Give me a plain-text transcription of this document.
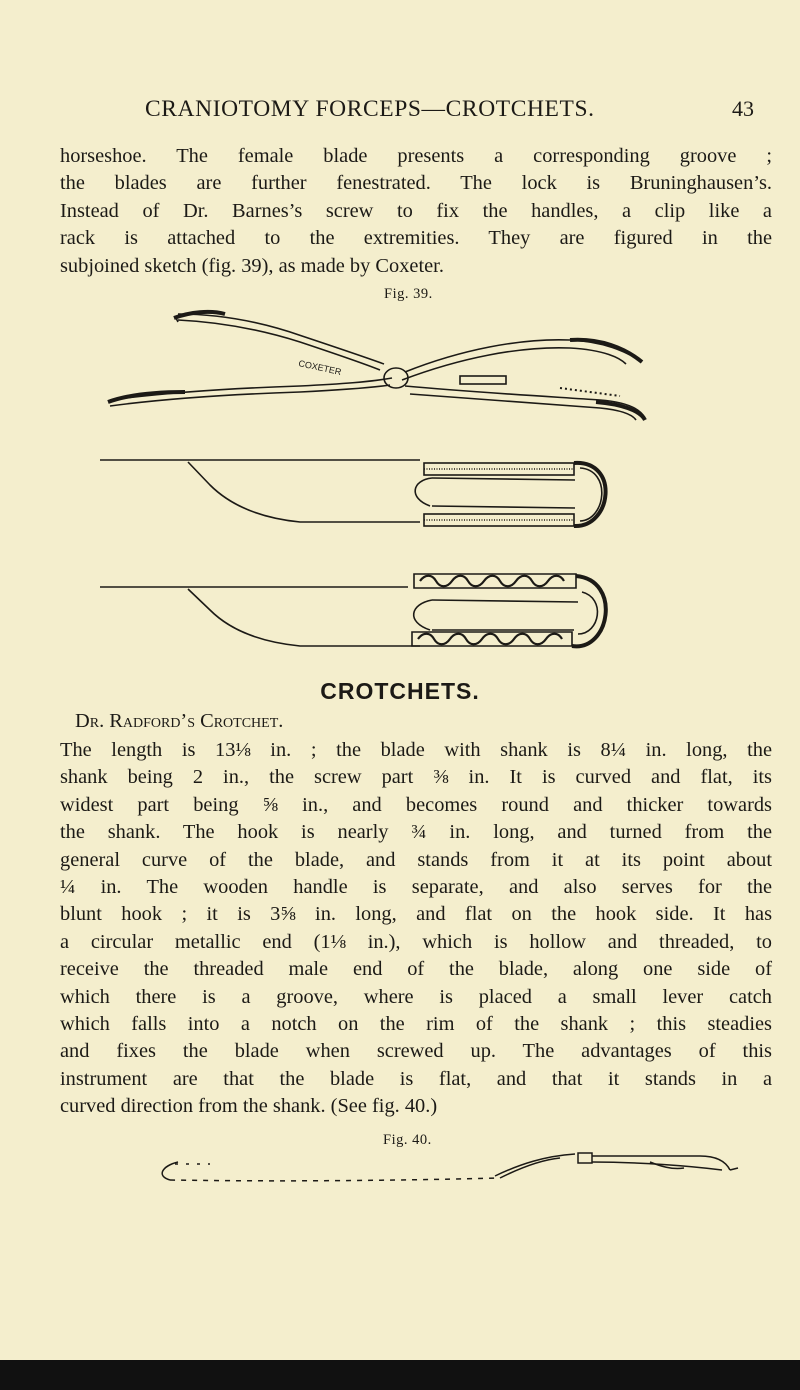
CRANIOTOMY FORCEPS—CROTCHETS.	43

horseshoe. The female blade presents a corresponding groove ;
the blades are further fenestrated. The lock is Bruninghausen’s.
Instead of Dr. Barnes’s screw to fix the handles, a clip like a
rack is attached to the extremities. They are figured in the
subjoined sketch (fig. 39), as made by Coxeter.

Fig. 39.
COXETER
CROTCHETS.
Dr. Radford’s Crotchet.

The length is 13⅛ in. ; the blade with shank is 8¼ in. long, the
shank being 2 in., the screw part ⅜ in. It is curved and flat, its
widest part being ⅝ in., and becomes round and thicker towards
the shank. The hook is nearly ¾ in. long, and turned from the
general curve of the blade, and stands from it at its point about
¼ in. The wooden handle is separate, and also serves for the
blunt hook ; it is 3⅝ in. long, and flat on the hook side. It has
a circular metallic end (1⅛ in.), which is hollow and threaded, to
receive the threaded male end of the blade, along one side of
which there is a groove, where is placed a small lever catch
which falls into a notch on the rim of the shank ; this steadies
and fixes the blade when screwed up. The advantages of this
instrument are that the blade is flat, and that it stands in a
curved direction from the shank. (See fig. 40.)

Fig. 40.
